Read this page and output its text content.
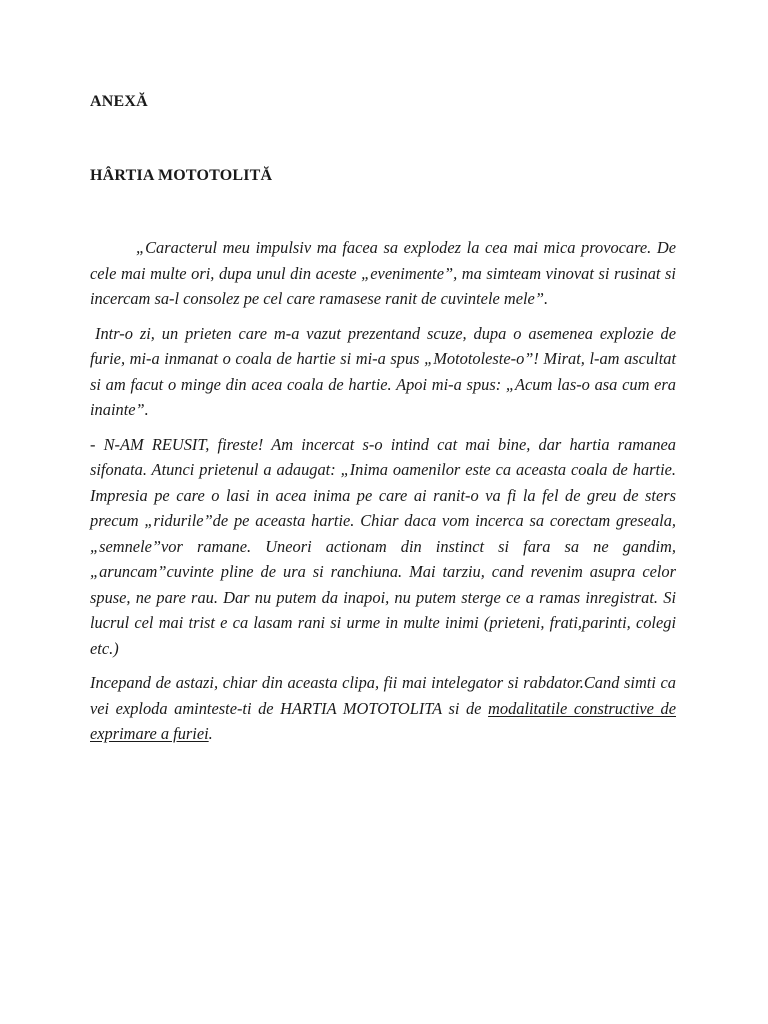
ANEXĂ
HÂRTIA MOTOTOLITĂ

„Caracterul meu impulsiv ma facea sa explodez la cea mai mica provocare. De cele mai multe ori, dupa unul din aceste „evenimente”, ma simteam vinovat si rusinat si incercam sa-l consolez pe cel care ramasese ranit de cuvintele mele”.

Intr-o zi, un prieten care m-a vazut prezentand scuze, dupa o asemenea explozie de furie, mi-a inmanat o coala de hartie si mi-a spus „Mototoleste-o”! Mirat, l-am ascultat si am facut o minge din acea coala de hartie. Apoi mi-a spus: „Acum las-o asa cum era inainte”.

- N-AM REUSIT, fireste! Am incercat s-o intind cat mai bine, dar hartia ramanea sifonata. Atunci prietenul a adaugat: „Inima oamenilor este ca aceasta coala de hartie. Impresia pe care o lasi in acea inima pe care ai ranit-o va fi la fel de greu de sters precum „ridurile”de pe aceasta hartie. Chiar daca vom incerca sa corectam greseala, „semnele”vor ramane. Uneori actionam din instinct si fara sa ne gandim, „aruncam”cuvinte pline de ura si ranchiuna. Mai tarziu, cand revenim asupra celor spuse, ne pare rau. Dar nu putem da inapoi, nu putem sterge ce a ramas inregistrat. Si lucrul cel mai trist e ca lasam rani si urme in multe inimi (prieteni, frati,parinti, colegi etc.)

Incepand de astazi, chiar din aceasta clipa, fii mai intelegator si rabdator.Cand simti ca vei exploda aminteste-ti de HARTIA MOTOTOLITA si de modalitatile constructive de exprimare a furiei.
